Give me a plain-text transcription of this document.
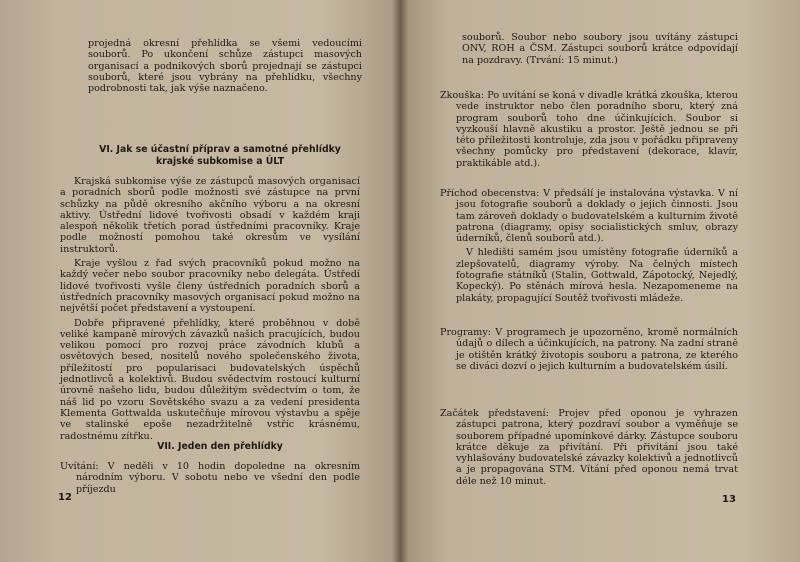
projedná okresní přehlídka se všemi vedoucími souborů. Po ukončení schůze zástupci masových organisací a podnikových sborů projednají se zástupci souborů, které jsou vybrány na přehlídku, všechny podrobnosti tak, jak výše naznačeno.

VI. Jak se účastní příprav a samotné přehlídky
krajské subkomise a ÚLT

Krajská subkomise výše ze zástupců masových organisací a poradních sborů podle možnosti své zástupce na první schůzky na půdě okresního akčního výboru a na okresní aktivy. Ústřední lidové tvořivosti obsadí v každém kraji alespoň několik třetích porad ústředními pracovníky. Kraje podle možností pomohou také okresům ve vysílání instruktorů.

Kraje vyšlou z řad svých pracovníků pokud možno na každý večer nebo soubor pracovníky nebo delegáta. Ústředí lidové tvořivosti vyšle členy ústředních poradních sborů a ústředních pracovníky masových organisací pokud možno na největší počet představení a vystoupení.

Dobře připravené přehlídky, které proběhnou v době veliké kampaně mírových závazků našich pracujících, budou velikou pomocí pro rozvoj práce závodních klubů a osvětových besed, nositelů nového společenského života, příležitostí pro popularisaci budovatelských úspěchů jednotlivců a kolektivů. Budou svědectvím rostoucí kulturní úrovně našeho lidu, budou důležitým svědectvím o tom, že náš lid po vzoru Sovětského svazu a za vedení presidenta Klementa Gottwalda uskutečňuje mírovou výstavbu a spěje ve stalinské epoše nezadržitelně vstříc krásnému, radostnému zítřku.

VII. Jeden den přehlídky

Uvítání: V neděli v 10 hodin dopoledne na okresním národním výboru. V sobotu nebo ve všední den podle příjezdu

12

souborů. Soubor nebo soubory jsou uvítány zástupci ONV, ROH a ČSM. Zástupci souborů krátce odpovídají na pozdravy. (Trvání: 15 minut.)

Zkouška: Po uvítání se koná v divadle krátká zkouška, kterou vede instruktor nebo člen poradního sboru, který zná program souborů toho dne účinkujících. Soubor si vyzkouší hlavně akustiku a prostor. Ještě jednou se při této příležitosti kontroluje, zda jsou v pořádku připraveny všechny pomůcky pro představení (dekorace, klavír, praktikáble atd.).

Příchod obecenstva: V předsálí je instalována výstavka. V ní jsou fotografie souborů a doklady o jejich činnosti. Jsou tam zároveň doklady o budovatelském a kulturním životě patrona (diagramy, opisy socialistických smluv, obrazy úderníků, členů souborů atd.).

V hledišti samém jsou umístěny fotografie úderníků a zlepšovatelů, diagramy výroby. Na čelných místech fotografie státníků (Stalin, Gottwald, Zápotocký, Nejedlý, Kopecký). Po stěnách mírová hesla. Nezapomeneme na plakáty, propagující Soutěž tvořivosti mládeže.

Programy: V programech je upozorněno, kromě normálních údajů o dílech a účinkujících, na patrony. Na zadní straně je otištěn krátký životopis souboru a patrona, ze kterého se diváci dozví o jejich kulturním a budovatelském úsilí.

Začátek představení: Projev před oponou je vyhrazen zástupci patrona, který pozdraví soubor a vyměňuje se souborem případné upomínkové dárky. Zástupce souboru krátce děkuje za přivítání. Při přivítání jsou také vyhlašovány budovatelské závazky kolektivů a jednotlivců a je propagována STM. Vítání před oponou nemá trvat déle než 10 minut.

13
